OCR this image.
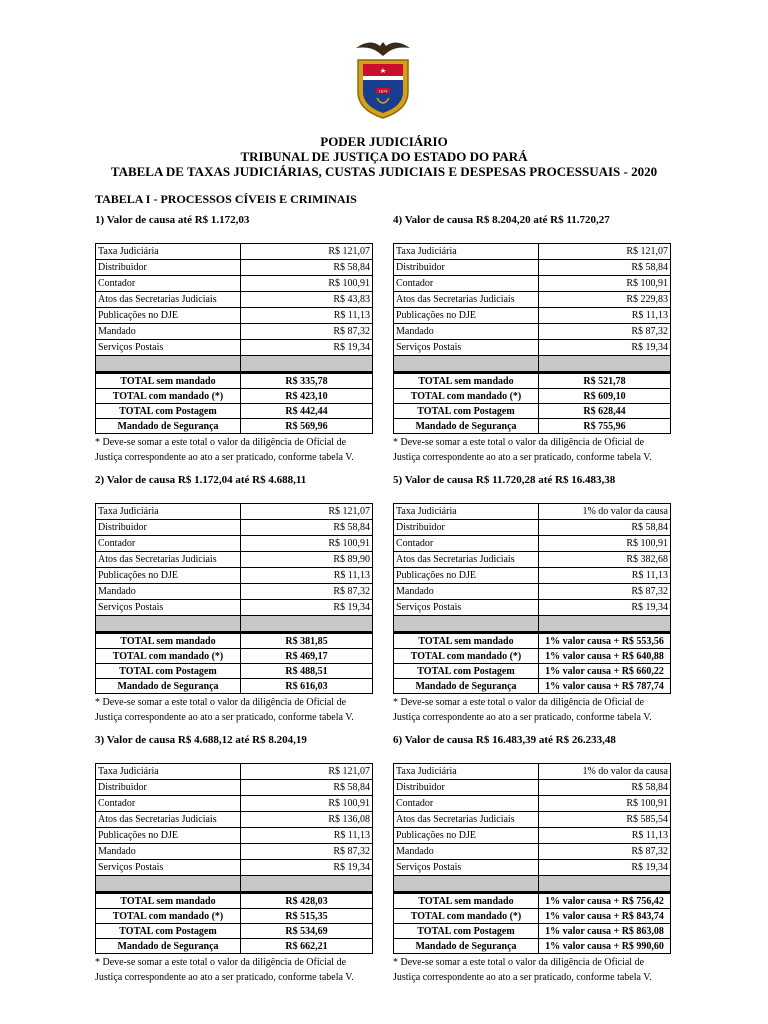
1874
PODER JUDICIÁRIO
TRIBUNAL DE JUSTIÇA DO ESTADO DO PARÁ
TABELA DE TAXAS JUDICIÁRIAS, CUSTAS JUDICIAIS E DESPESAS PROCESSUAIS - 2020
TABELA I - PROCESSOS CÍVEIS E CRIMINAIS
1) Valor de causa até R$ 1.172,03
Taxa Judiciária	R$ 121,07
Distribuidor	R$ 58,84
Contador	R$ 100,91
Atos das Secretarias Judiciais	R$ 43,83
Publicações no DJE	R$ 11,13
Mandado	R$ 87,32
Serviços Postais	R$ 19,34

TOTAL sem mandado	R$ 335,78
TOTAL com mandado (*)	R$ 423,10
TOTAL com Postagem	R$ 442,44
Mandado de Segurança	R$ 569,96
* Deve-se somar a este total o valor da diligência de Oficial de
Justiça correspondente ao ato a ser praticado, conforme tabela V.
2) Valor de causa R$ 1.172,04 até R$ 4.688,11
Taxa Judiciária	R$ 121,07
Distribuidor	R$ 58,84
Contador	R$ 100,91
Atos das Secretarias Judiciais	R$ 89,90
Publicações no DJE	R$ 11,13
Mandado	R$ 87,32
Serviços Postais	R$ 19,34

TOTAL sem mandado	R$ 381,85
TOTAL com mandado (*)	R$ 469,17
TOTAL com Postagem	R$ 488,51
Mandado de Segurança	R$ 616,03
* Deve-se somar a este total o valor da diligência de Oficial de
Justiça correspondente ao ato a ser praticado, conforme tabela V.
3) Valor de causa R$ 4.688,12 até R$ 8.204,19
Taxa Judiciária	R$ 121,07
Distribuidor	R$ 58,84
Contador	R$ 100,91
Atos das Secretarias Judiciais	R$ 136,08
Publicações no DJE	R$ 11,13
Mandado	R$ 87,32
Serviços Postais	R$ 19,34

TOTAL sem mandado	R$ 428,03
TOTAL com mandado (*)	R$ 515,35
TOTAL com Postagem	R$ 534,69
Mandado de Segurança	R$ 662,21
* Deve-se somar a este total o valor da diligência de Oficial de
Justiça correspondente ao ato a ser praticado, conforme tabela V.
4) Valor de causa R$ 8.204,20 até R$ 11.720,27
Taxa Judiciária	R$ 121,07
Distribuidor	R$ 58,84
Contador	R$ 100,91
Atos das Secretarias Judiciais	R$ 229,83
Publicações no DJE	R$ 11,13
Mandado	R$ 87,32
Serviços Postais	R$ 19,34

TOTAL sem mandado	R$ 521,78
TOTAL com mandado (*)	R$ 609,10
TOTAL com Postagem	R$ 628,44
Mandado de Segurança	R$ 755,96
* Deve-se somar a este total o valor da diligência de Oficial de
Justiça correspondente ao ato a ser praticado, conforme tabela V.
5) Valor de causa R$ 11.720,28 até R$ 16.483,38
Taxa Judiciária	1% do valor da causa
Distribuidor	R$ 58,84
Contador	R$ 100,91
Atos das Secretarias Judiciais	R$ 382,68
Publicações no DJE	R$ 11,13
Mandado	R$ 87,32
Serviços Postais	R$ 19,34

TOTAL sem mandado	1% valor causa + R$ 553,56
TOTAL com mandado (*)	1% valor causa + R$ 640,88
TOTAL com Postagem	1% valor causa + R$ 660,22
Mandado de Segurança	1% valor causa + R$ 787,74
* Deve-se somar a este total o valor da diligência de Oficial de
Justiça correspondente ao ato a ser praticado, conforme tabela V.
6) Valor de causa R$ 16.483,39 até R$ 26.233,48
Taxa Judiciária	1% do valor da causa
Distribuidor	R$ 58,84
Contador	R$ 100,91
Atos das Secretarias Judiciais	R$ 585,54
Publicações no DJE	R$ 11,13
Mandado	R$ 87,32
Serviços Postais	R$ 19,34

TOTAL sem mandado	1% valor causa + R$ 756,42
TOTAL com mandado (*)	1% valor causa + R$ 843,74
TOTAL com Postagem	1% valor causa + R$ 863,08
Mandado de Segurança	1% valor causa + R$ 990,60
* Deve-se somar a este total o valor da diligência de Oficial de
Justiça correspondente ao ato a ser praticado, conforme tabela V.
